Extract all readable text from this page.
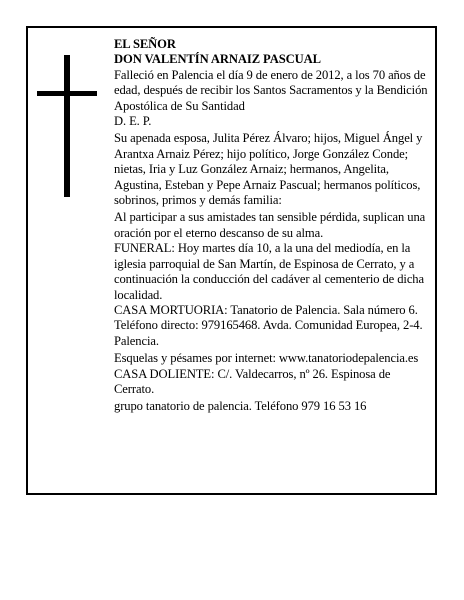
EL SEÑOR

DON VALENTÍN ARNAIZ PASCUAL

Falleció en Palencia el día 9 de enero de 2012, a los 70 años de edad, después de recibir los Santos Sacramentos y la Bendición Apostólica de Su Santidad

D. E. P.

Su apenada esposa, Julita Pérez Álvaro; hijos, Miguel Ángel y Arantxa Arnaiz Pérez; hijo político, Jorge González Conde; nietas, Iria y Luz González Arnaiz; hermanos, Angelita, Agustina, Esteban y Pepe Arnaiz Pascual; hermanos políticos, sobrinos, primos y demás familia:

Al participar a sus amistades tan sensible pérdida, suplican una oración por el eterno descanso de su alma.

FUNERAL: Hoy martes día 10, a la una del mediodía, en la iglesia parroquial de San Martín, de Espinosa de Cerrato, y a continuación la conducción del cadáver al cementerio de dicha localidad.

CASA MORTUORIA: Tanatorio de Palencia. Sala número 6. Teléfono directo: 979165468. Avda. Comunidad Europea, 2-4. Palencia.

Esquelas y pésames por internet: www.tanatoriodepalencia.es

CASA DOLIENTE: C/. Valdecarros, nº 26. Espinosa de Cerrato.

grupo tanatorio de palencia. Teléfono 979 16 53 16
